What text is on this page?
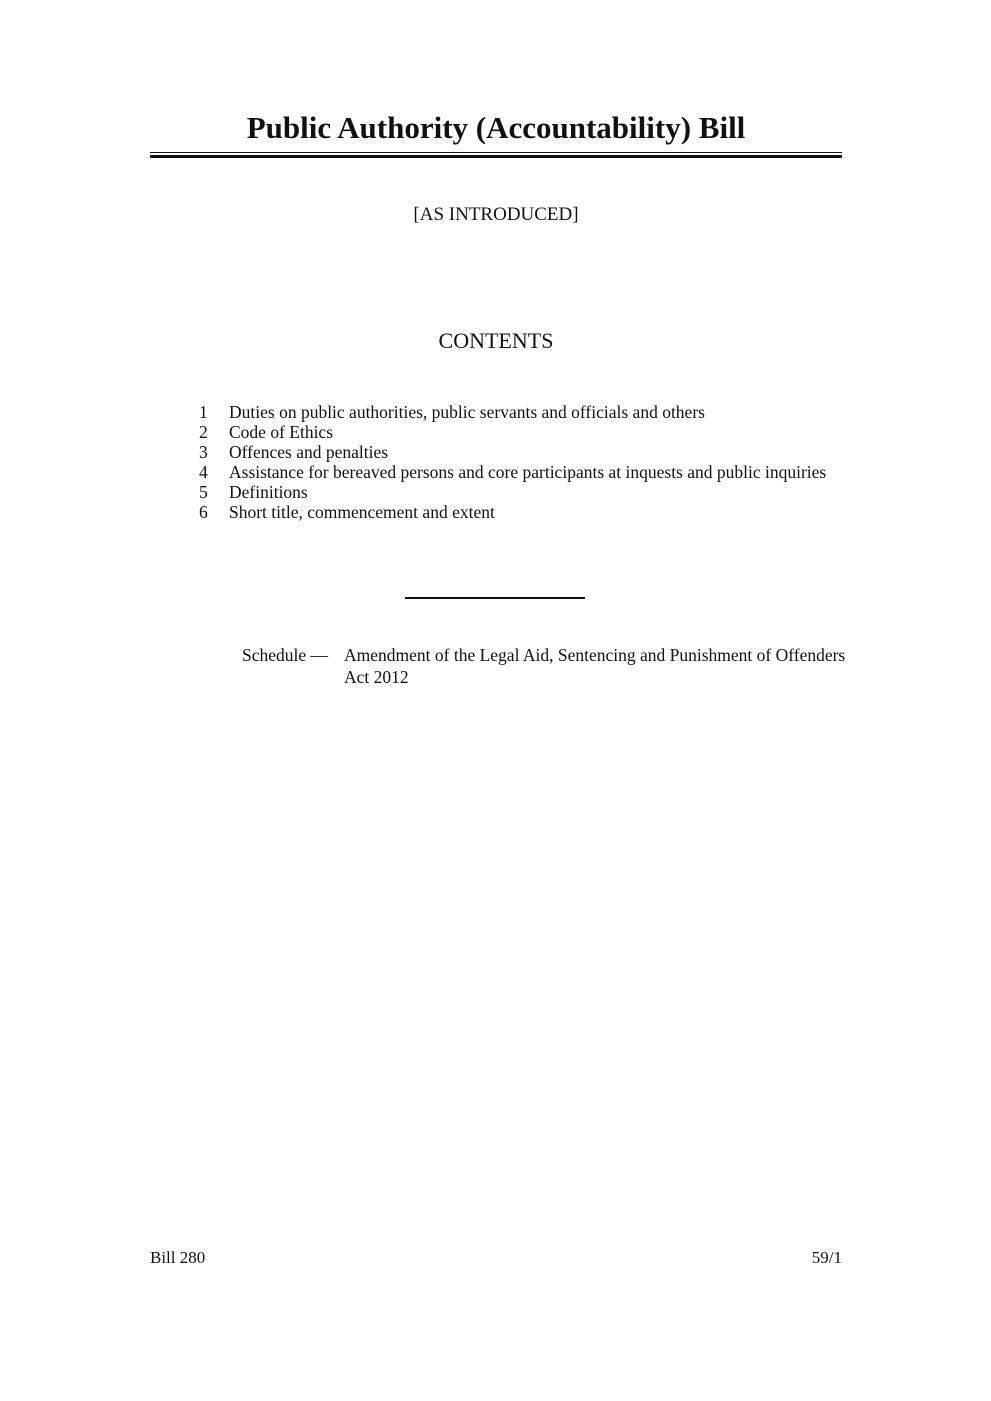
Public Authority (Accountability) Bill
[AS INTRODUCED]
CONTENTS
1	Duties on public authorities, public servants and officials and others
2	Code of Ethics
3	Offences and penalties
4	Assistance for bereaved persons and core participants at inquests and public inquiries
5	Definitions
6	Short title, commencement and extent
Schedule — Amendment of the Legal Aid, Sentencing and Punishment of Offenders Act 2012
Bill 280	59/1
